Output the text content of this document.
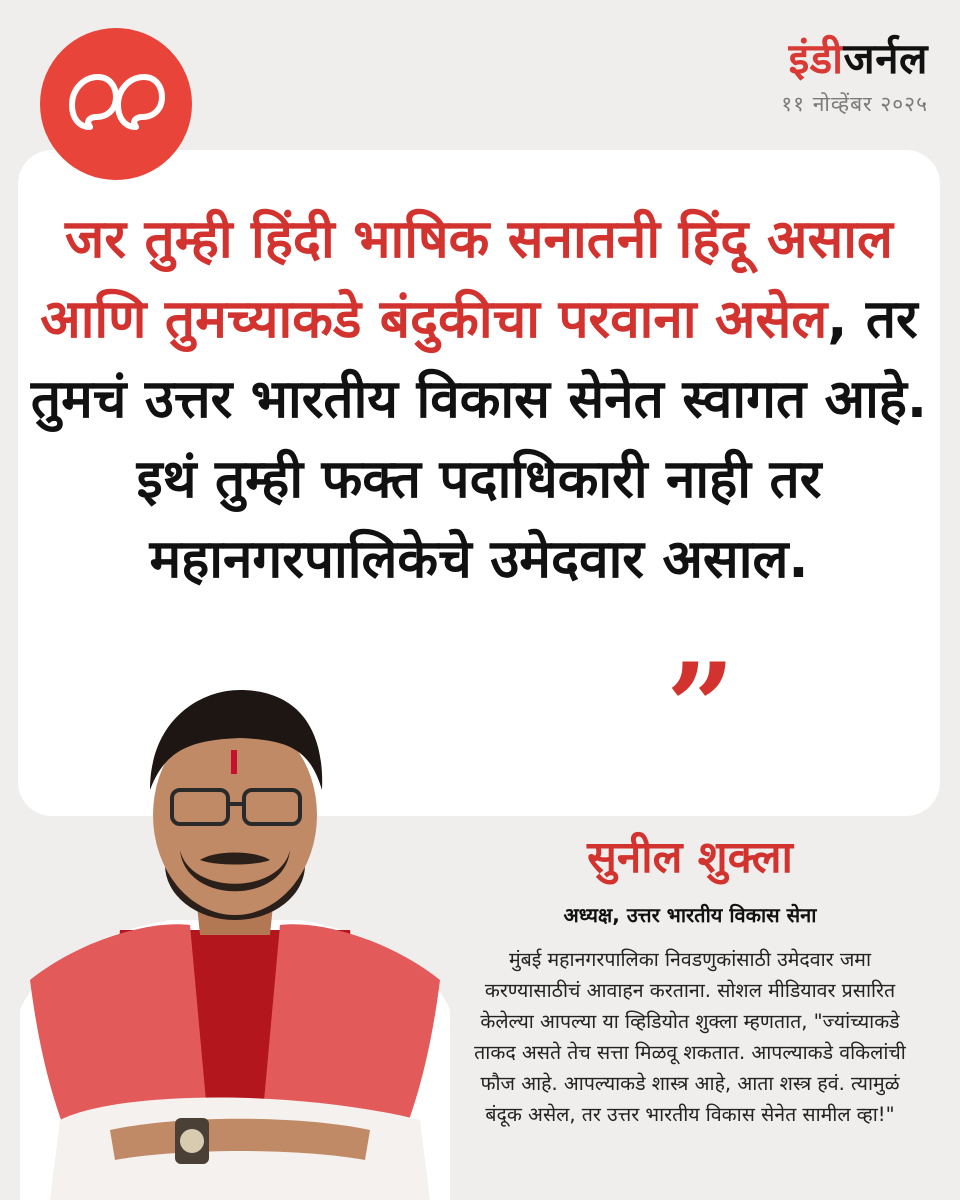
इंडीजर्नल
११ नोव्हेंबर २०२५
जर तुम्ही हिंदी भाषिक सनातनी हिंदू असाल आणि तुमच्याकडे बंदुकीचा परवाना असेल, तर तुमचं उत्तर भारतीय विकास सेनेत स्वागत आहे. इथं तुम्ही फक्त पदाधिकारी नाही तर महानगरपालिकेचे उमेदवार असाल.
”
सुनील शुक्ला
अध्यक्ष, उत्तर भारतीय विकास सेना
मुंबई महानगरपालिका निवडणुकांसाठी उमेदवार जमा करण्यासाठीचं आवाहन करताना. सोशल मीडियावर प्रसारित केलेल्या आपल्या या व्हिडियोत शुक्ला म्हणतात, "ज्यांच्याकडे ताकद असते तेच सत्ता मिळवू शकतात. आपल्याकडे वकिलांची फौज आहे. आपल्याकडे शास्त्र आहे, आता शस्त्र हवं. त्यामुळं बंदूक असेल, तर उत्तर भारतीय विकास सेनेत सामील व्हा!"
